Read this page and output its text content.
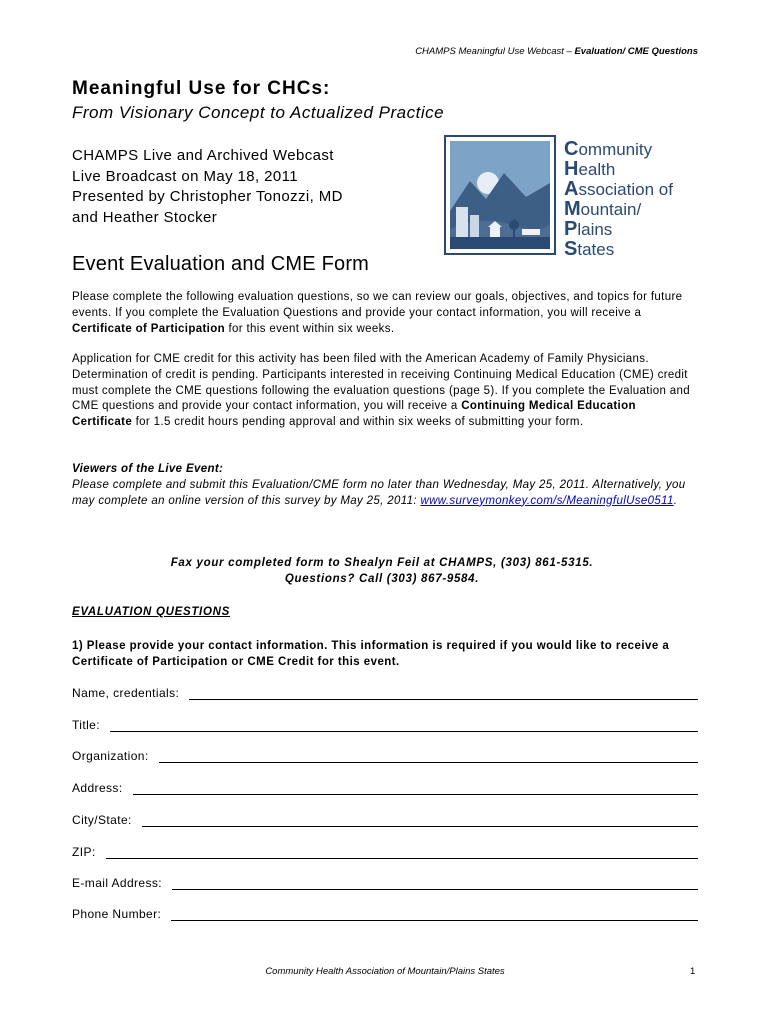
CHAMPS Meaningful Use Webcast – Evaluation/ CME Questions
Meaningful Use for CHCs:
From Visionary Concept to Actualized Practice
CHAMPS Live and Archived Webcast
Live Broadcast on May 18, 2011
Presented by Christopher Tonozzi, MD
and Heather Stocker
Community
Health
Association of
Mountain/
Plains
States
Event Evaluation and CME Form
Please complete the following evaluation questions, so we can review our goals, objectives, and topics for future events. If you complete the Evaluation Questions and provide your contact information, you will receive a Certificate of Participation for this event within six weeks.
Application for CME credit for this activity has been filed with the American Academy of Family Physicians. Determination of credit is pending. Participants interested in receiving Continuing Medical Education (CME) credit must complete the CME questions following the evaluation questions (page 5). If you complete the Evaluation and CME questions and provide your contact information, you will receive a Continuing Medical Education Certificate for 1.5 credit hours pending approval and within six weeks of submitting your form.
Viewers of the Live Event:
Please complete and submit this Evaluation/CME form no later than Wednesday, May 25, 2011. Alternatively, you may complete an online version of this survey by May 25, 2011: www.surveymonkey.com/s/MeaningfulUse0511.
Fax your completed form to Shealyn Feil at CHAMPS, (303) 861-5315.
Questions? Call (303) 867-9584.
EVALUATION QUESTIONS
1) Please provide your contact information. This information is required if you would like to receive a Certificate of Participation or CME Credit for this event.
Name, credentials:
Title:
Organization:
Address:
City/State:
ZIP:
E-mail Address:
Phone Number:
Community Health Association of Mountain/Plains States	1
